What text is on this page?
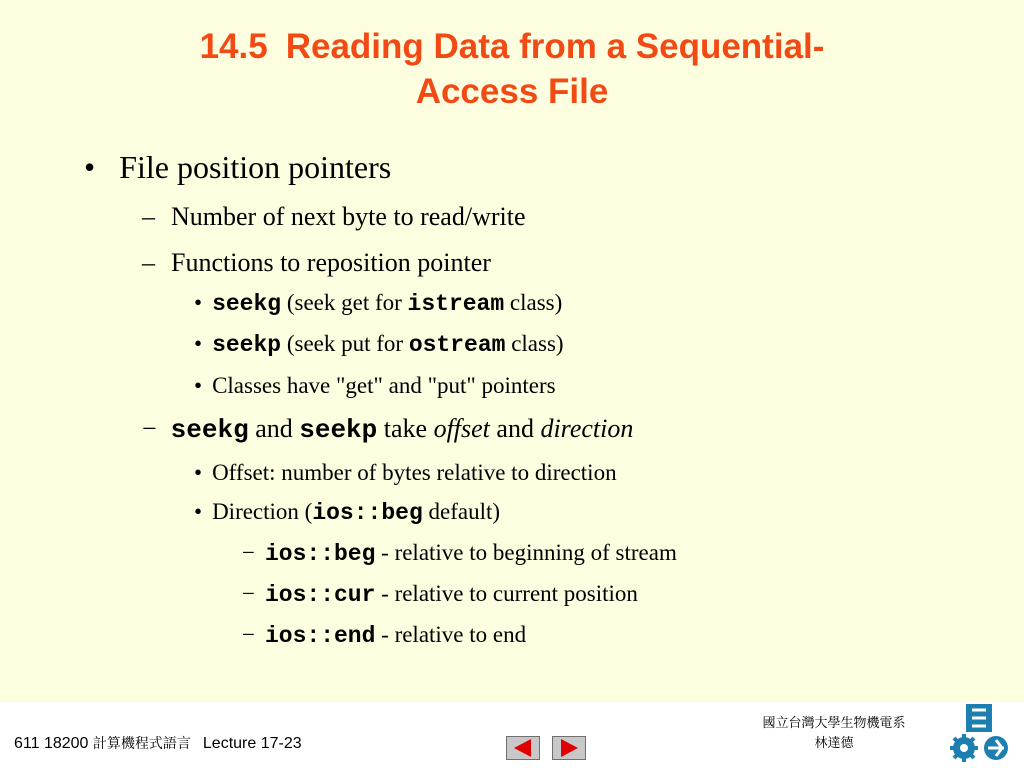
14.5 Reading Data from a Sequential-
Access File
• File position pointers
– Number of next byte to read/write
– Functions to reposition pointer
• seekg (seek get for istream class)
• seekp (seek put for ostream class)
• Classes have "get" and "put" pointers
− seekg and seekp take offset and direction
• Offset: number of bytes relative to direction
• Direction (ios::beg default)
− ios::beg - relative to beginning of stream
− ios::cur - relative to current position
− ios::end - relative to end
611 18200 計算機程式語言 Lecture 17-23
國立台灣大學生物機電系
林達德
